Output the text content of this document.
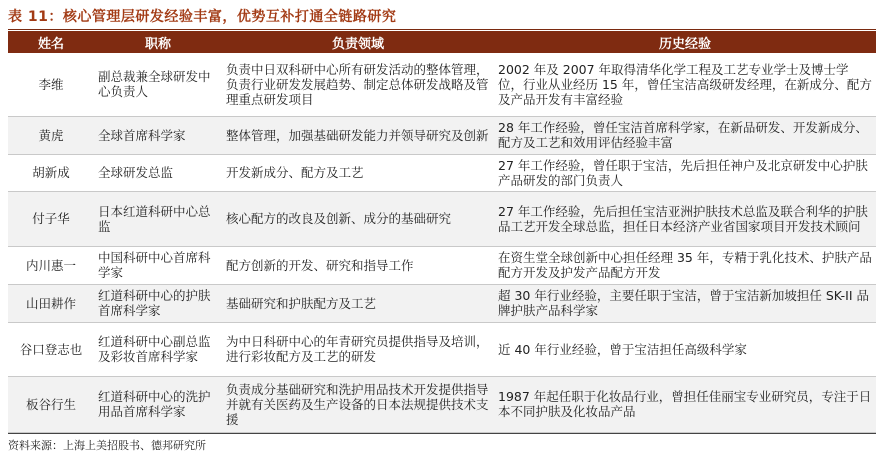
表 11：核心管理层研发经验丰富，优势互补打通全链路研究
姓名	职称	负责领域	历史经验
李维	副总裁兼全球研发中心负责人	负责中日双科研中心所有研发活动的整体管理，负责行业研发发展趋势、制定总体研发战略及管理重点研发项目	2002 年及 2007 年取得清华化学工程及工艺专业学士及博士学位，行业从业经历 15 年，曾任宝洁高级研发经理，在新成分、配方及产品开发有丰富经验
黄虎	全球首席科学家	整体管理，加强基础研发能力并领导研究及创新	28 年工作经验，曾任宝洁首席科学家，在新品研发、开发新成分、配方及工艺和效用评估经验丰富
胡新成	全球研发总监	开发新成分、配方及工艺	27 年工作经验，曾任职于宝洁，先后担任神户及北京研发中心护肤产品研发的部门负责人
付子华	日本红道科研中心总监	核心配方的改良及创新、成分的基础研究	27 年工作经验，先后担任宝洁亚洲护肤技术总监及联合利华的护肤品工艺开发全球总监，担任日本经济产业省国家项目开发技术顾问
内川惠一	中国科研中心首席科学家	配方创新的开发、研究和指导工作	在资生堂全球创新中心担任经理 35 年，专精于乳化技术、护肤产品配方开发及护发产品配方开发
山田耕作	红道科研中心的护肤首席科学家	基础研究和护肤配方及工艺	超 30 年行业经验，主要任职于宝洁，曾于宝洁新加坡担任 SK-II 品牌护肤产品科学家
谷口登志也	红道科研中心副总监及彩妆首席科学家	为中日科研中心的年青研究员提供指导及培训，进行彩妆配方及工艺的研发	近 40 年行业经验，曾于宝洁担任高级科学家
板谷行生	红道科研中心的洗护用品首席科学家	负责成分基础研究和洗护用品技术开发提供指导并就有关医药及生产设备的日本法规提供技术支援	1987 年起任职于化妆品行业，曾担任佳丽宝专业研究员，专注于日本不同护肤及化妆品产品
资料来源：上海上美招股书、德邦研究所
